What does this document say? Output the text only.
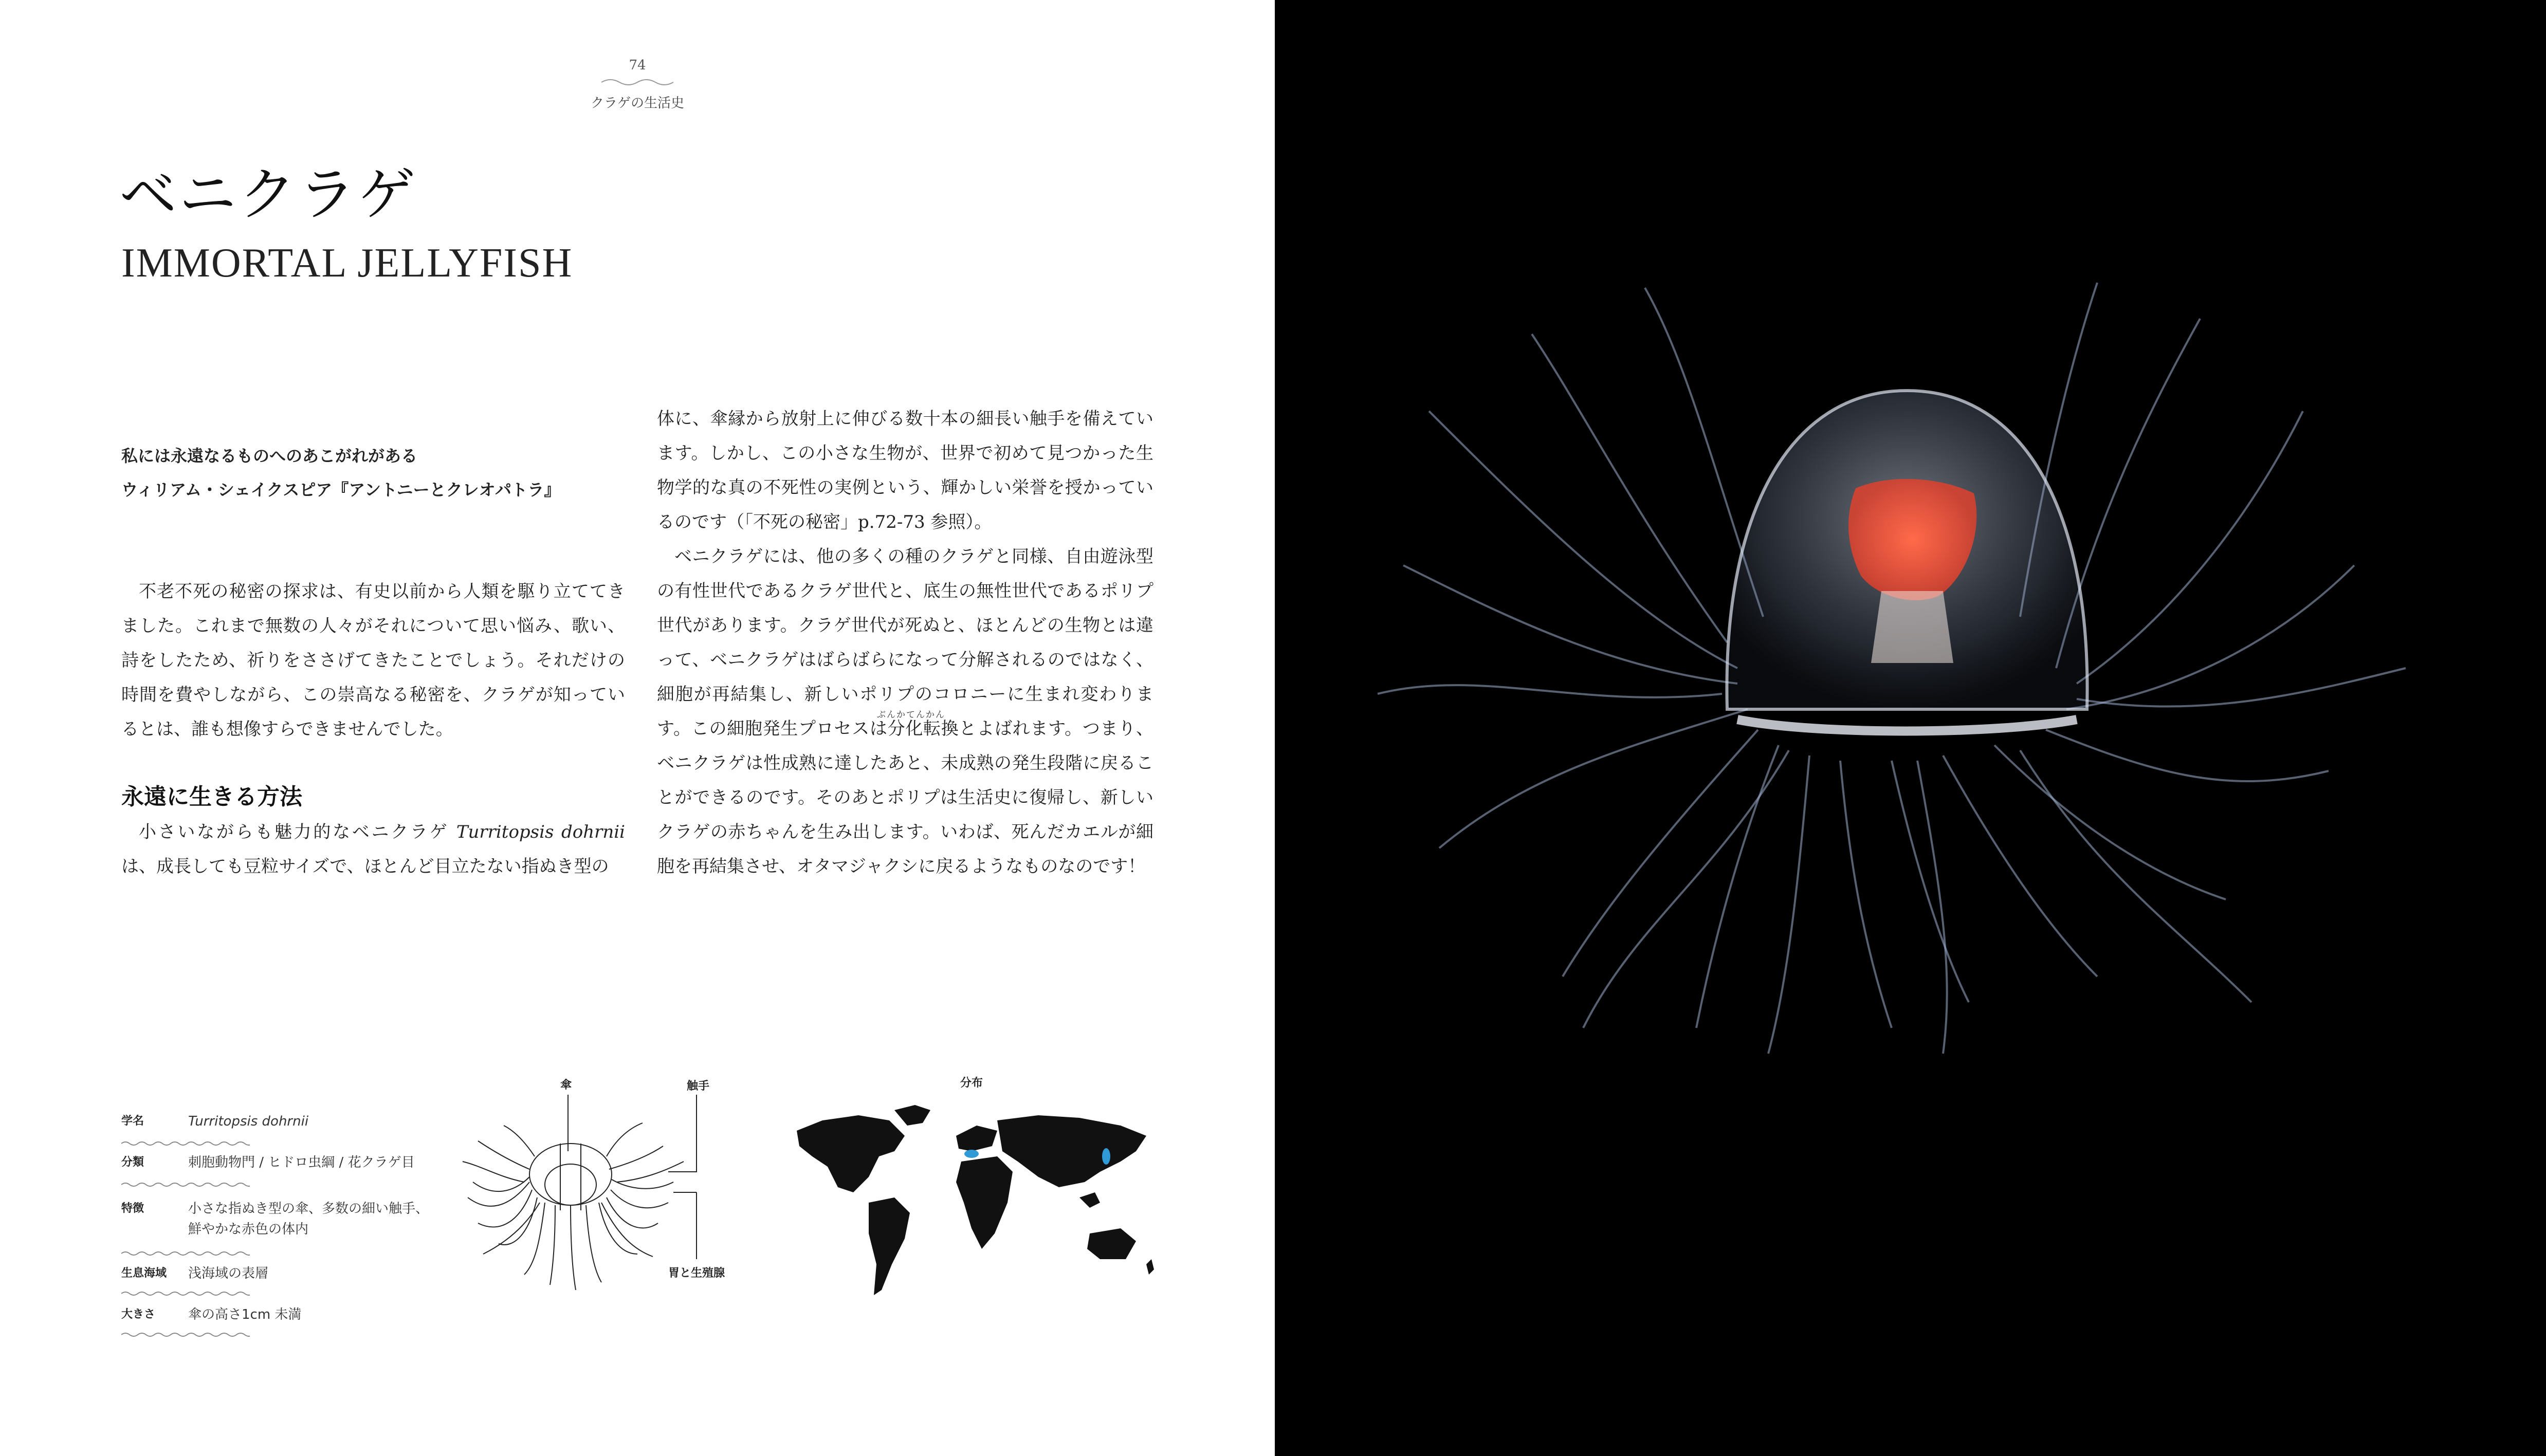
74
クラゲの生活史
ベニクラゲ
IMMORTAL JELLYFISH
私には永遠なるものへのあこがれがある
ウィリアム・シェイクスピア『アントニーとクレオパトラ』

不老不死の秘密の探求は、有史以前から人類を駆り立ててきました。これまで無数の人々がそれについて思い悩み、歌い、詩をしたため、祈りをささげてきたことでしょう。それだけの時間を費やしながら、この崇高なる秘密を、クラゲが知っているとは、誰も想像すらできませんでした。

永遠に生きる方法

小さいながらも魅力的なベニクラゲ Turritopsis dohrnii は、成長しても豆粒サイズで、ほとんど目立たない指ぬき型の

体に、傘縁から放射上に伸びる数十本の細長い触手を備えています。しかし、この小さな生物が、世界で初めて見つかった生物学的な真の不死性の実例という、輝かしい栄誉を授かっているのです（「不死の秘密」p.72-73 参照）。

ベニクラゲには、他の多くの種のクラゲと同様、自由遊泳型の有性世代であるクラゲ世代と、底生の無性世代であるポリプ世代があります。クラゲ世代が死ぬと、ほとんどの生物とは違って、ベニクラゲはばらばらになって分解されるのではなく、細胞が再結集し、新しいポリプのコロニーに生まれ変わります。この細胞発生プロセスは分化転換とよばれます。つまり、ベニクラゲは性成熟に達したあと、未成熟の発生段階に戻ることができるのです。そのあとポリプは生活史に復帰し、新しいクラゲの赤ちゃんを生み出します。いわば、死んだカエルが細胞を再結集させ、オタマジャクシに戻るようなものなのです！

ぶんかてんかん
学名	Turritopsis dohrnii
分類	刺胞動物門 / ヒドロ虫綱 / 花クラゲ目
特徴	小さな指ぬき型の傘、多数の細い触手、鮮やかな赤色の体内
生息海域 浅海域の表層
大きさ 傘の高さ1cm 未満
傘	触手
胃と生殖腺
分布
